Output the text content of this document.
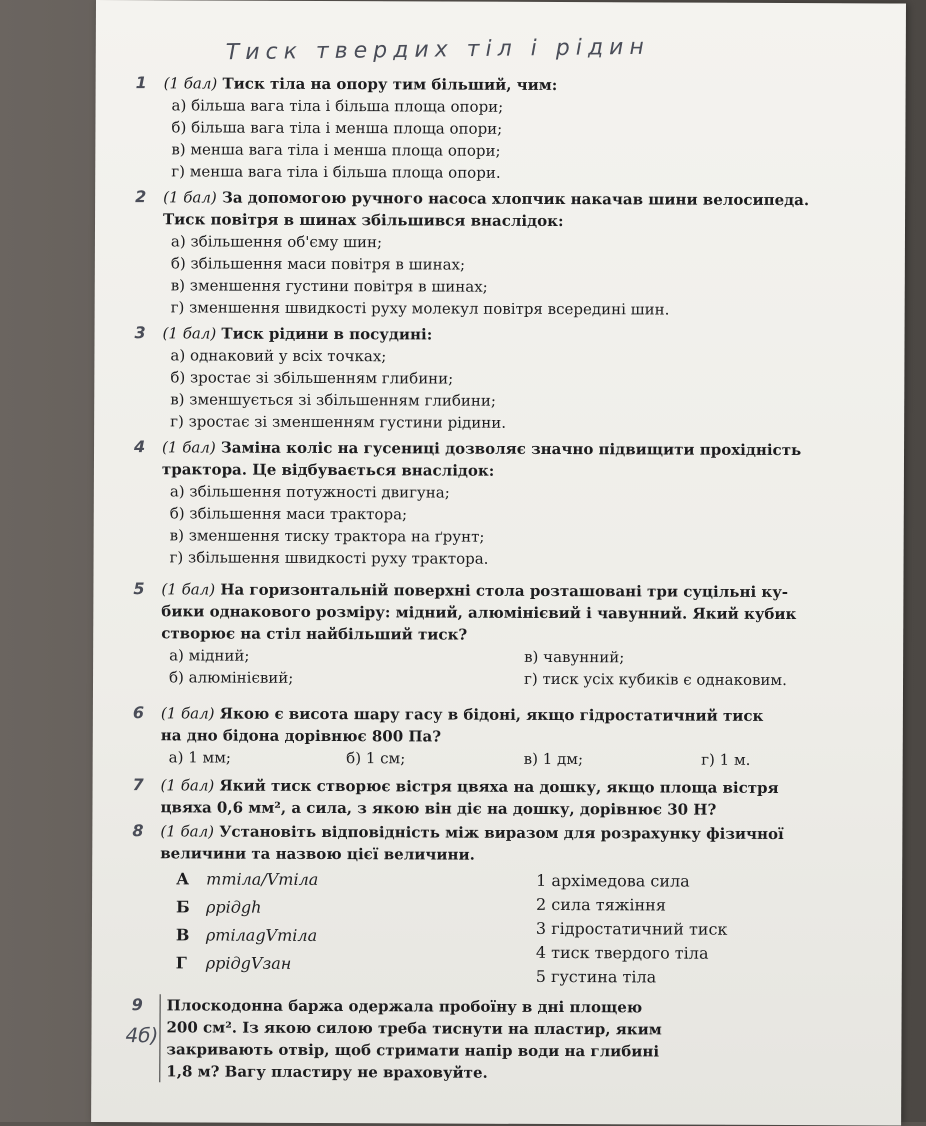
Тиск твердих тіл і рідин
1 (1 бал) Тиск тіла на опору тим більший, чим:
а) більша вага тіла і більша площа опори;
б) більша вага тіла і менша площа опори;
в) менша вага тіла і менша площа опори;
г) менша вага тіла і більша площа опори.
2 (1 бал) За допомогою ручного насоса хлопчик накачав шини велосипеда.
Тиск повітря в шинах збільшився внаслідок:
а) збільшення об'єму шин;
б) збільшення маси повітря в шинах;
в) зменшення густини повітря в шинах;
г) зменшення швидкості руху молекул повітря всередині шин.
3 (1 бал) Тиск рідини в посудині:
а) однаковий у всіх точках;
б) зростає зі збільшенням глибини;
в) зменшується зі збільшенням глибини;
г) зростає зі зменшенням густини рідини.
4 (1 бал) Заміна коліс на гусениці дозволяє значно підвищити прохідність
трактора. Це відбувається внаслідок:
а) збільшення потужності двигуна;
б) збільшення маси трактора;
в) зменшення тиску трактора на ґрунт;
г) збільшення швидкості руху трактора.
5 (1 бал) На горизонтальній поверхні стола розташовані три суцільні ку-
бики однакового розміру: мідний, алюмінієвий і чавунний. Який кубик
створює на стіл найбільший тиск?
а) мідний;	в) чавунний;
б) алюмінієвий;	г) тиск усіх кубиків є однаковим.
6 (1 бал) Якою є висота шару гасу в бідоні, якщо гідростатичний тиск
на дно бідона дорівнює 800 Па?
а) 1 мм;	б) 1 см;	в) 1 дм;	г) 1 м.
7 (1 бал) Який тиск створює вістря цвяха на дошку, якщо площа вістря
цвяха 0,6 мм², а сила, з якою він діє на дошку, дорівнює 30 Н?
8 (1 бал) Установіть відповідність між виразом для розрахунку фізичної
величини та назвою цієї величини.
А mтіла/Vтіла
Б ρрідgh
В ρтілаgVтіла
Г ρрідgVзан
1 архімедова сила
2 сила тяжіння
3 гідростатичний тиск
4 тиск твердого тіла
5 густина тіла
4б)
9	Плоскодонна баржа одержала пробоїну в дні площею
200 см². Із якою силою треба тиснути на пластир, яким
закривають отвір, щоб стримати напір води на глибині
1,8 м? Вагу пластиру не враховуйте.
